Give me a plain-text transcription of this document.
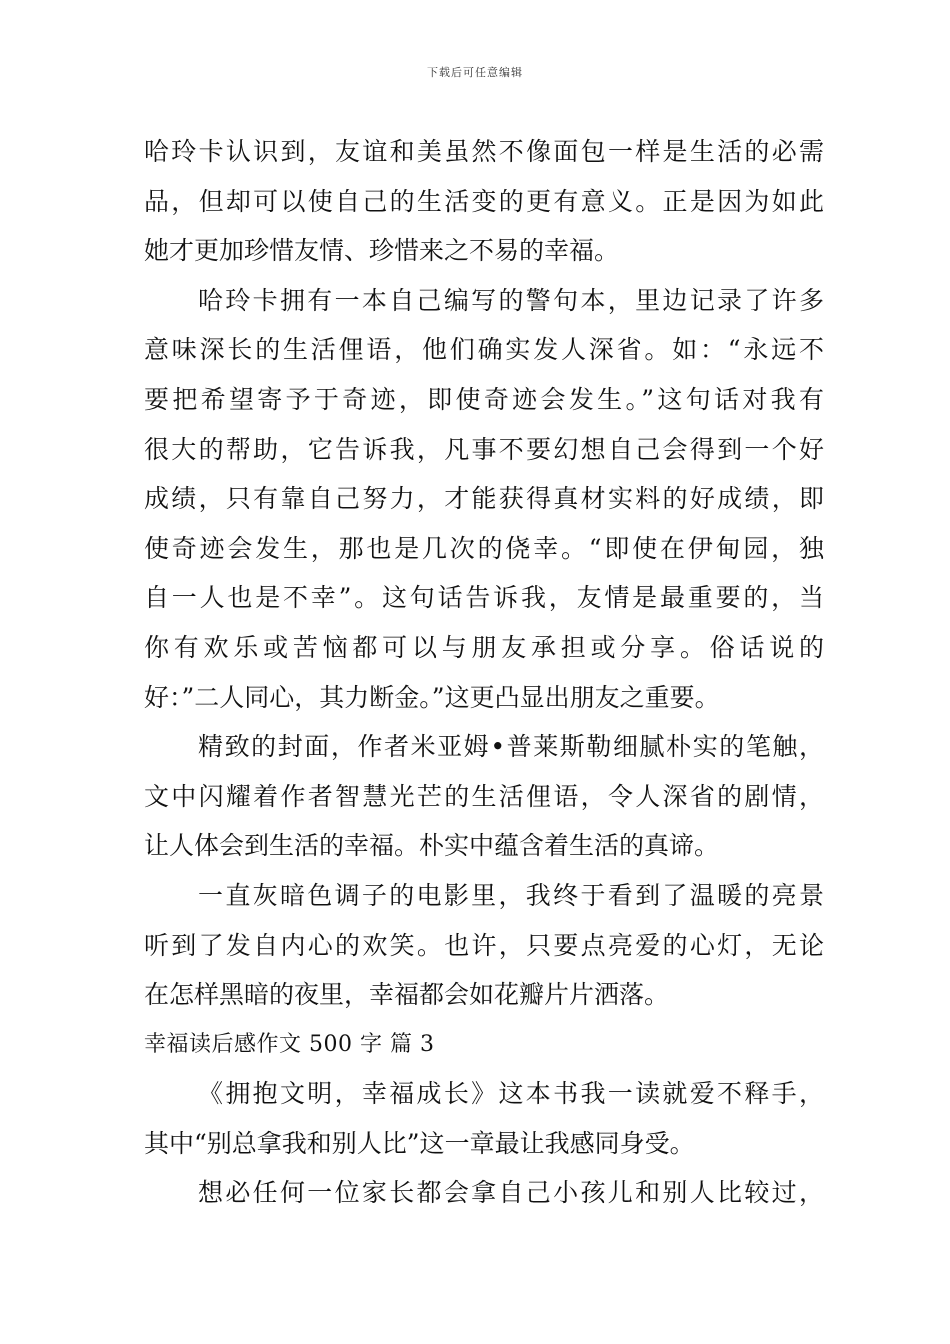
下载后可任意编辑
哈玲卡认识到，友谊和美虽然不像面包一样是生活的必需
品，但却可以使自己的生活变的更有意义。正是因为如此
她才更加珍惜友情、珍惜来之不易的幸福。
哈玲卡拥有一本自己编写的警句本，里边记录了许多
意味深长的生活俚语，他们确实发人深省。如：“永远不
要把希望寄予于奇迹，即使奇迹会发生。”这句话对我有
很大的帮助，它告诉我，凡事不要幻想自己会得到一个好
成绩，只有靠自己努力，才能获得真材实料的好成绩，即
使奇迹会发生，那也是几次的侥幸。“即使在伊甸园，独
自一人也是不幸”。这句话告诉我，友情是最重要的，当
你有欢乐或苦恼都可以与朋友承担或分享。俗话说的
好：”二人同心，其力断金。”这更凸显出朋友之重要。
精致的封面，作者米亚姆•普莱斯勒细腻朴实的笔触，
文中闪耀着作者智慧光芒的生活俚语，令人深省的剧情，
让人体会到生活的幸福。朴实中蕴含着生活的真谛。
一直灰暗色调子的电影里，我终于看到了温暖的亮景
听到了发自内心的欢笑。也许，只要点亮爱的心灯，无论
在怎样黑暗的夜里，幸福都会如花瓣片片洒落。
幸福读后感作文 500 字 篇 3
《拥抱文明，幸福成长》这本书我一读就爱不释手，
其中“别总拿我和别人比”这一章最让我感同身受。
想必任何一位家长都会拿自己小孩儿和别人比较过，
